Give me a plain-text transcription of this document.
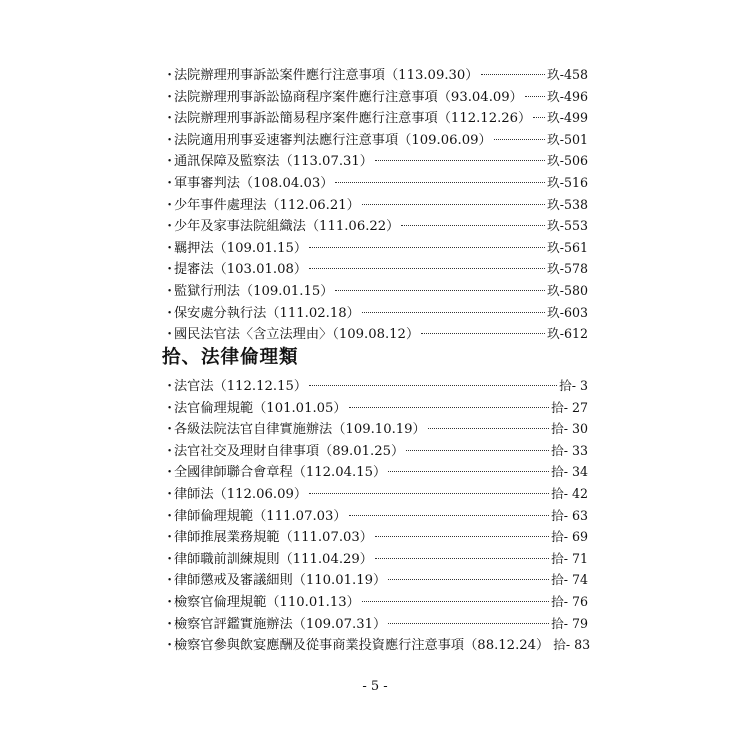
・
法院辦理刑事訴訟案件應行注意事項（113.09.30）	玖-458
・
法院辦理刑事訴訟協商程序案件應行注意事項（93.04.09） 玖-496
・
法院辦理刑事訴訟簡易程序案件應行注意事項（112.12.26） 玖-499
・
法院適用刑事妥速審判法應行注意事項（109.06.09）	玖-501
・
通訊保障及監察法（113.07.31）	玖-506
・
軍事審判法（108.04.03）	玖-516
・
少年事件處理法（112.06.21）	玖-538
・
少年及家事法院組織法（111.06.22）	玖-553
・
羈押法（109.01.15）	玖-561
・
提審法（103.01.08）	玖-578
・
監獄行刑法（109.01.15）	玖-580
・
保安處分執行法（111.02.18）	玖-603
・
國民法官法〈含立法理由〉（109.08.12）	玖-612
拾、法律倫理類
・
法官法（112.12.15）	拾- 3
・
法官倫理規範（101.01.05）	拾- 27
・
各級法院法官自律實施辦法（109.10.19）	拾- 30
・
法官社交及理財自律事項（89.01.25）	拾- 33
・
全國律師聯合會章程（112.04.15）	拾- 34
・
律師法（112.06.09）	拾- 42
・
律師倫理規範（111.07.03）	拾- 63
・
律師推展業務規範（111.07.03）	拾- 69
・
律師職前訓練規則（111.04.29）	拾- 71
・
律師懲戒及審議細則（110.01.19）	拾- 74
・
檢察官倫理規範（110.01.13）	拾- 76
・
檢察官評鑑實施辦法（109.07.31）	拾- 79
・
檢察官參與飲宴應酬及從事商業投資應行注意事項（88.12.24） 拾- 83
- 5 -
